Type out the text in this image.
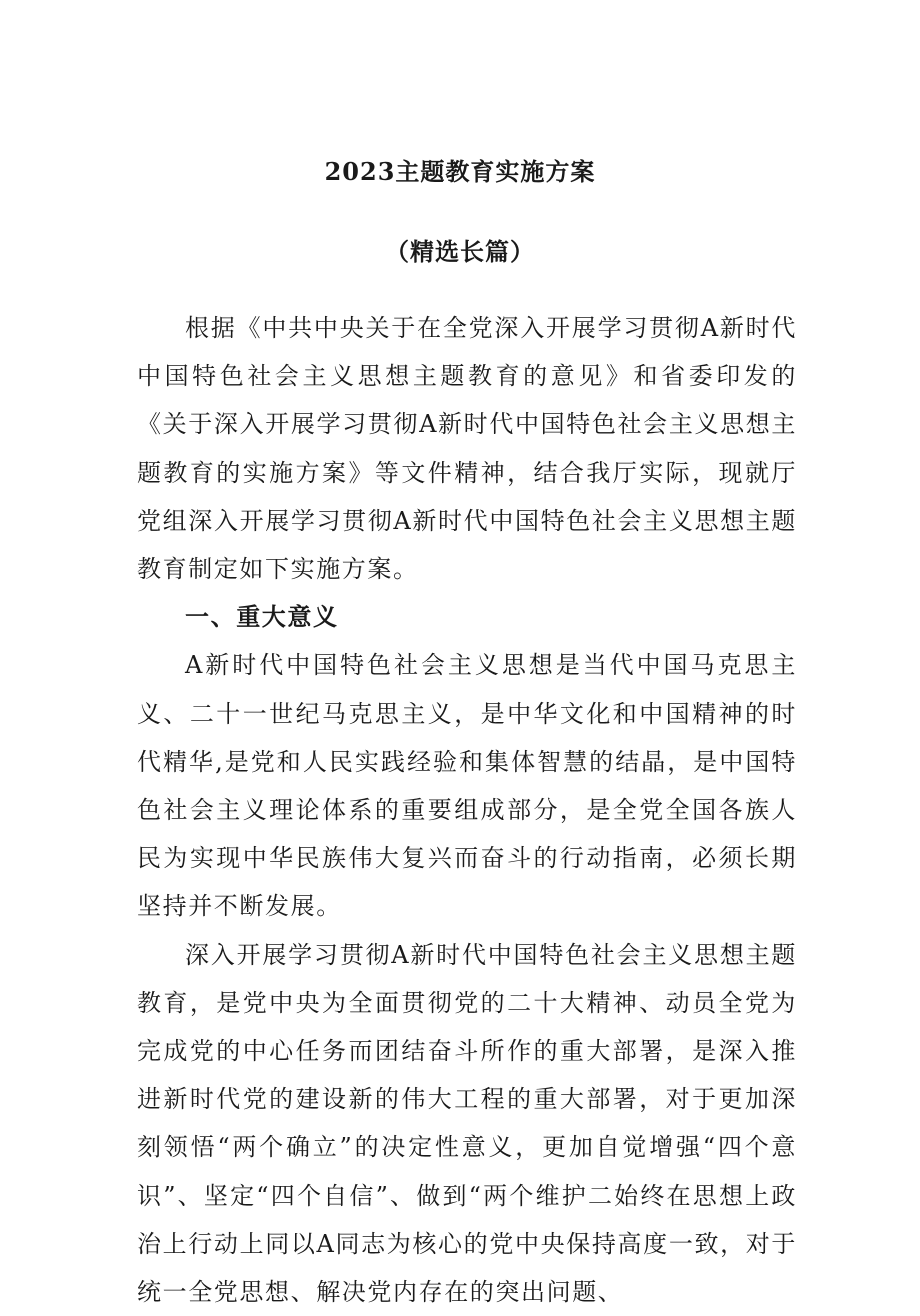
2023主题教育实施方案
（精选长篇）

根据《中共中央关于在全党深入开展学习贯彻A新时代中国特色社会主义思想主题教育的意见》和省委印发的《关于深入开展学习贯彻A新时代中国特色社会主义思想主题教育的实施方案》等文件精神，结合我厅实际，现就厅党组深入开展学习贯彻A新时代中国特色社会主义思想主题教育制定如下实施方案。

一、重大意义

A新时代中国特色社会主义思想是当代中国马克思主义、二十一世纪马克思主义，是中华文化和中国精神的时代精华,是党和人民实践经验和集体智慧的结晶，是中国特色社会主义理论体系的重要组成部分，是全党全国各族人民为实现中华民族伟大复兴而奋斗的行动指南，必须长期坚持并不断发展。

深入开展学习贯彻A新时代中国特色社会主义思想主题教育，是党中央为全面贯彻党的二十大精神、动员全党为完成党的中心任务而团结奋斗所作的重大部署，是深入推进新时代党的建设新的伟大工程的重大部署，对于更加深刻领悟“两个确立”的决定性意义，更加自觉增强“四个意识”、坚定“四个自信”、做到“两个维护二始终在思想上政治上行动上同以A同志为核心的党中央保持高度一致，对于统一全党思想、解决党内存在的突出问题、
